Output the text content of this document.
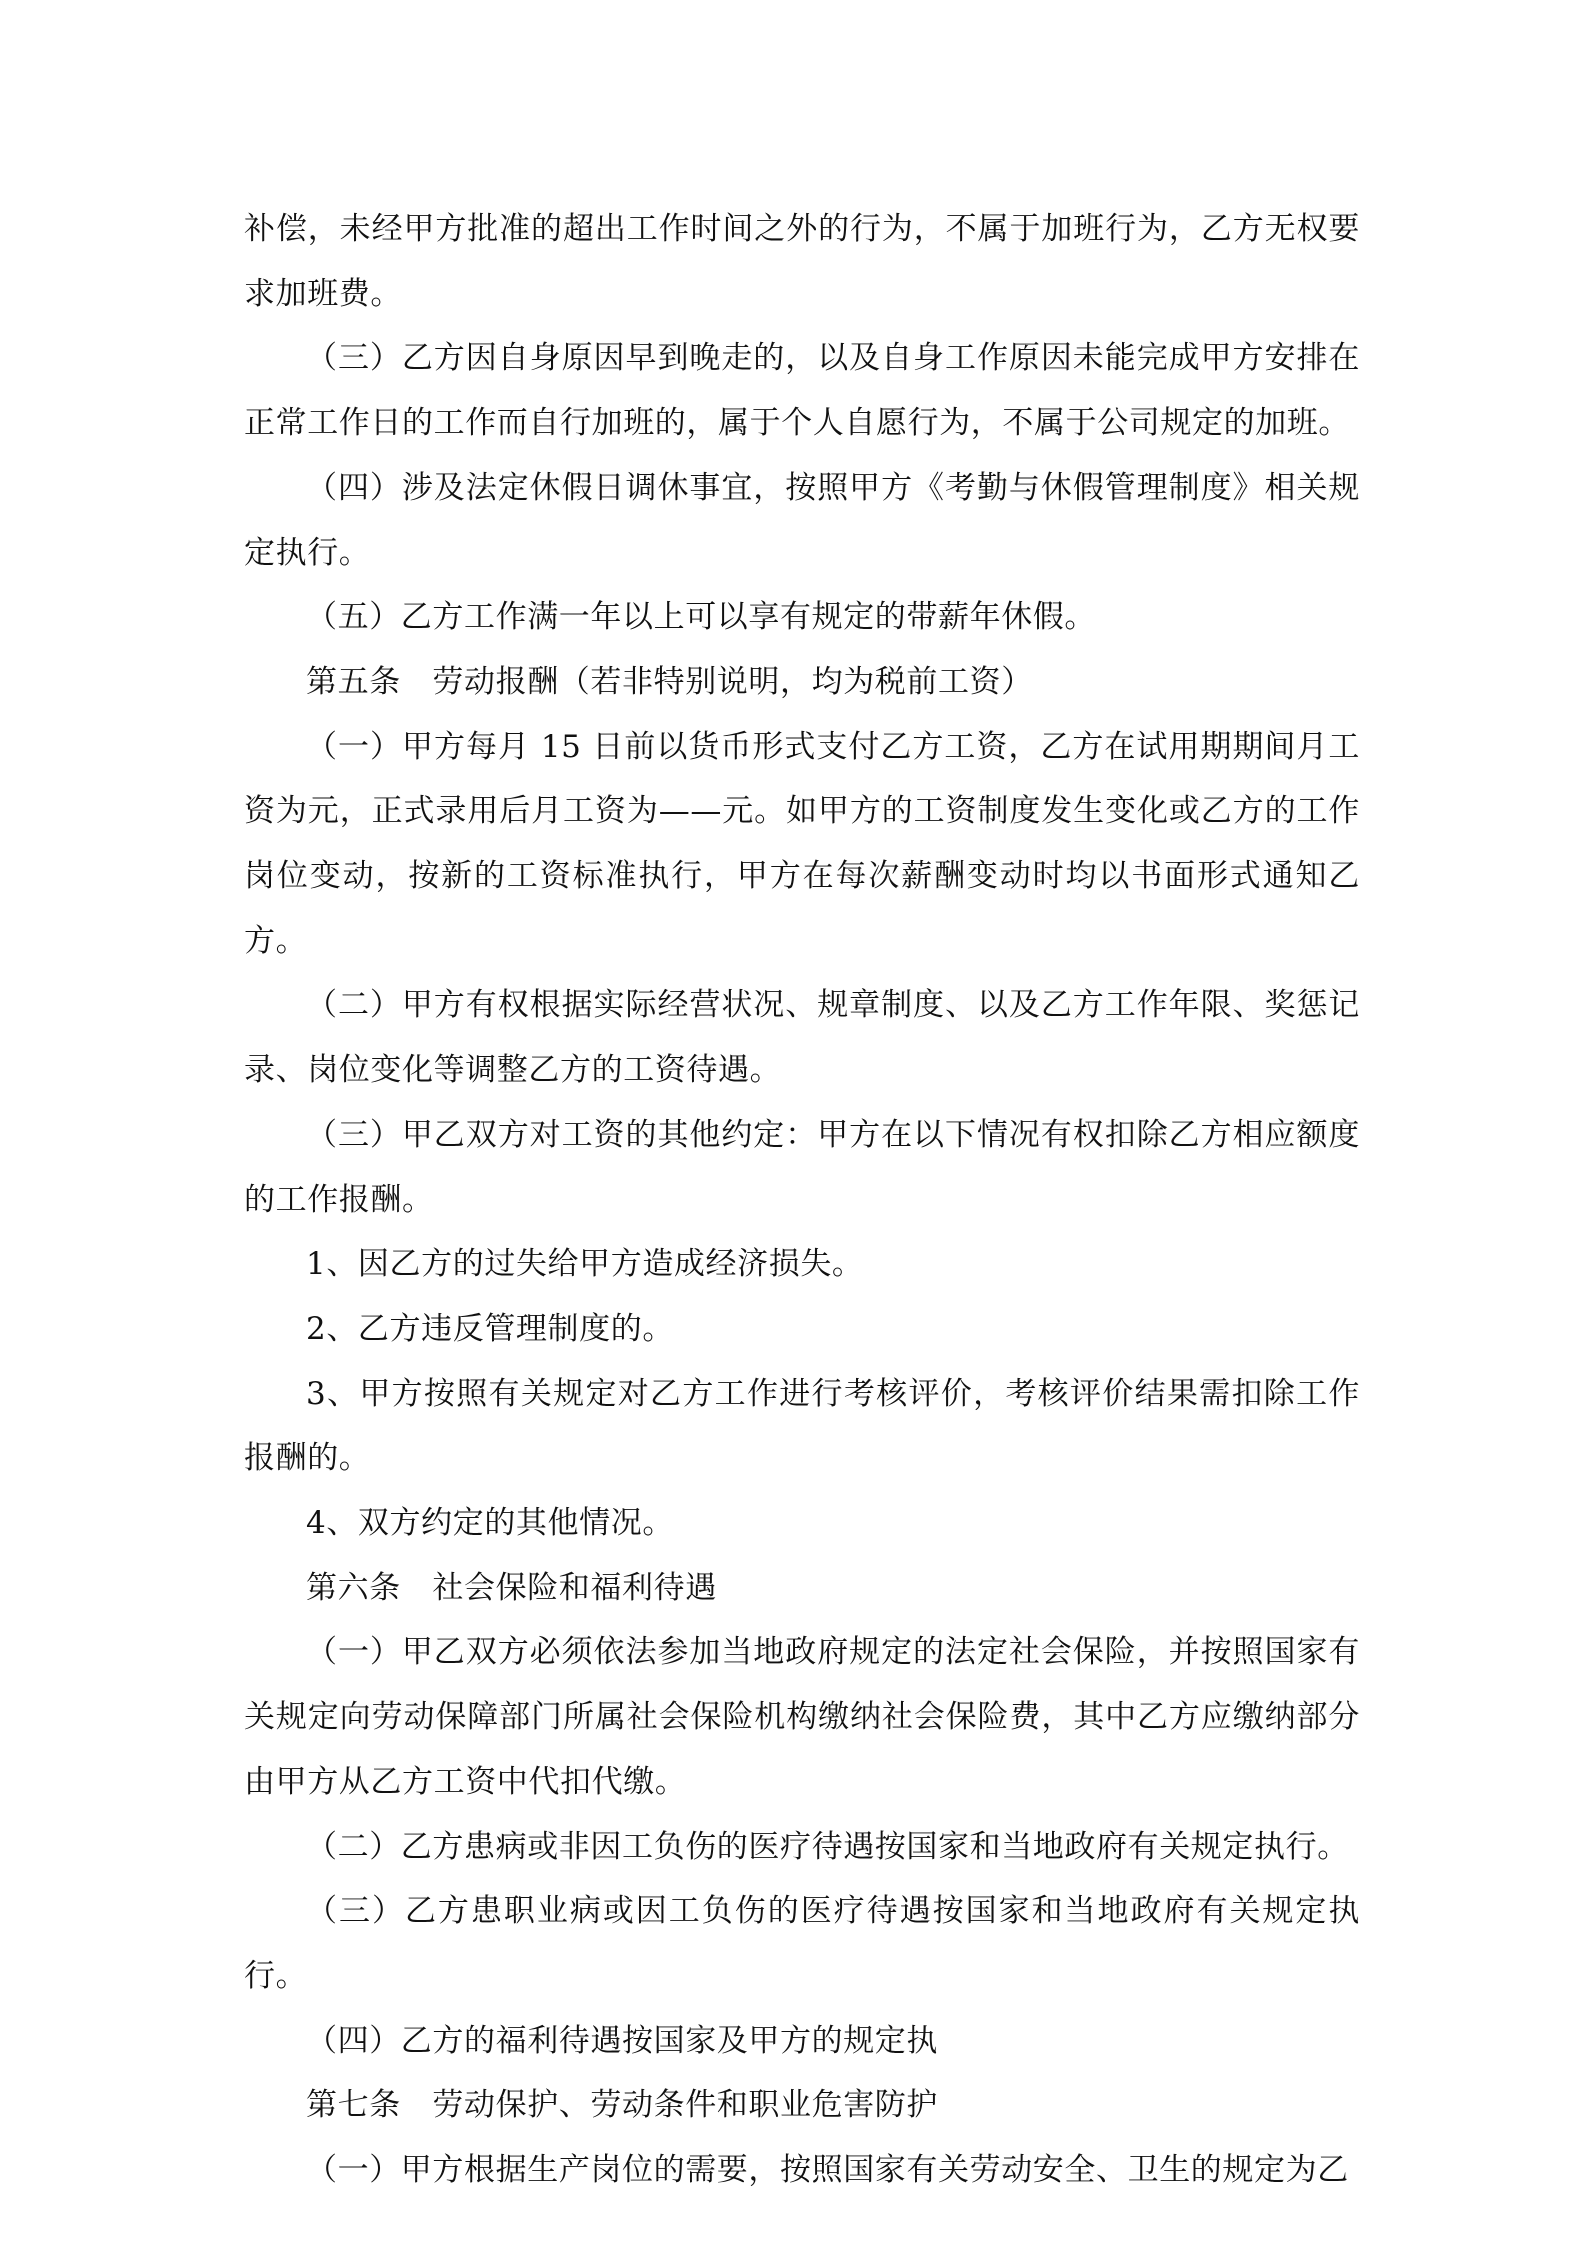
补偿，未经甲方批准的超出工作时间之外的行为，不属于加班行为，乙方无权要求加班费。

（三）乙方因自身原因早到晚走的，以及自身工作原因未能完成甲方安排在正常工作日的工作而自行加班的，属于个人自愿行为，不属于公司规定的加班。

（四）涉及法定休假日调休事宜，按照甲方《考勤与休假管理制度》相关规定执行。

（五）乙方工作满一年以上可以享有规定的带薪年休假。

第五条　劳动报酬（若非特别说明，均为税前工资）

（一）甲方每月 15 日前以货币形式支付乙方工资，乙方在试用期期间月工资为元，正式录用后月工资为——元。如甲方的工资制度发生变化或乙方的工作岗位变动，按新的工资标准执行，甲方在每次薪酬变动时均以书面形式通知乙方。

（二）甲方有权根据实际经营状况、规章制度、以及乙方工作年限、奖惩记录、岗位变化等调整乙方的工资待遇。

（三）甲乙双方对工资的其他约定：甲方在以下情况有权扣除乙方相应额度的工作报酬。

1、因乙方的过失给甲方造成经济损失。

2、乙方违反管理制度的。

3、甲方按照有关规定对乙方工作进行考核评价，考核评价结果需扣除工作报酬的。

4、双方约定的其他情况。

第六条　社会保险和福利待遇

（一）甲乙双方必须依法参加当地政府规定的法定社会保险，并按照国家有关规定向劳动保障部门所属社会保险机构缴纳社会保险费，其中乙方应缴纳部分由甲方从乙方工资中代扣代缴。

（二）乙方患病或非因工负伤的医疗待遇按国家和当地政府有关规定执行。

（三）乙方患职业病或因工负伤的医疗待遇按国家和当地政府有关规定执行。

（四）乙方的福利待遇按国家及甲方的规定执

第七条　劳动保护、劳动条件和职业危害防护

（一）甲方根据生产岗位的需要，按照国家有关劳动安全、卫生的规定为乙
